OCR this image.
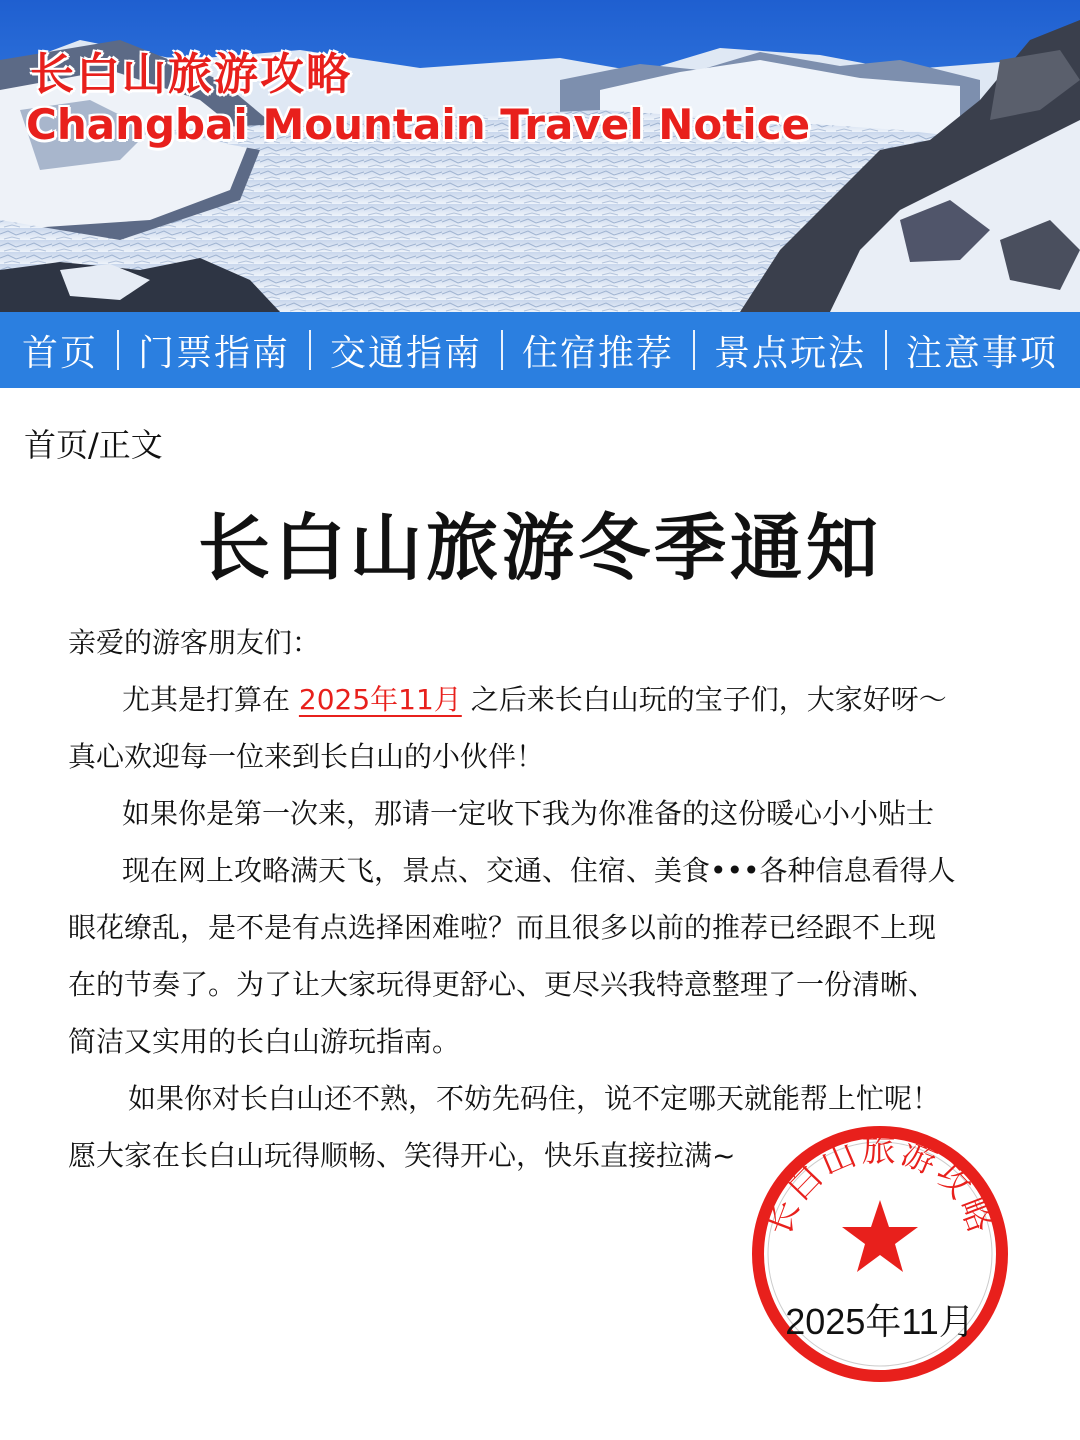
长白山旅游攻略
Changbai Mountain Travel Notice
首页 门票指南 交通指南 住宿推荐 景点玩法 注意事项
首页/正文
长白山旅游冬季通知

亲爱的游客朋友们：

尤其是打算在 2025年11月 之后来长白山玩的宝子们，大家好呀～

真心欢迎每一位来到长白山的小伙伴！

如果你是第一次来，那请一定收下我为你准备的这份暖心小小贴士

现在网上攻略满天飞，景点、交通、住宿、美食•••各种信息看得人

眼花缭乱，是不是有点选择困难啦？而且很多以前的推荐已经跟不上现

在的节奏了。为了让大家玩得更舒心、更尽兴我特意整理了一份清晰、

简洁又实用的长白山游玩指南。

如果你对长白山还不熟，不妨先码住，说不定哪天就能帮上忙呢！

愿大家在长白山玩得顺畅、笑得开心，快乐直接拉满~

长白山旅游攻略
2025年11月
